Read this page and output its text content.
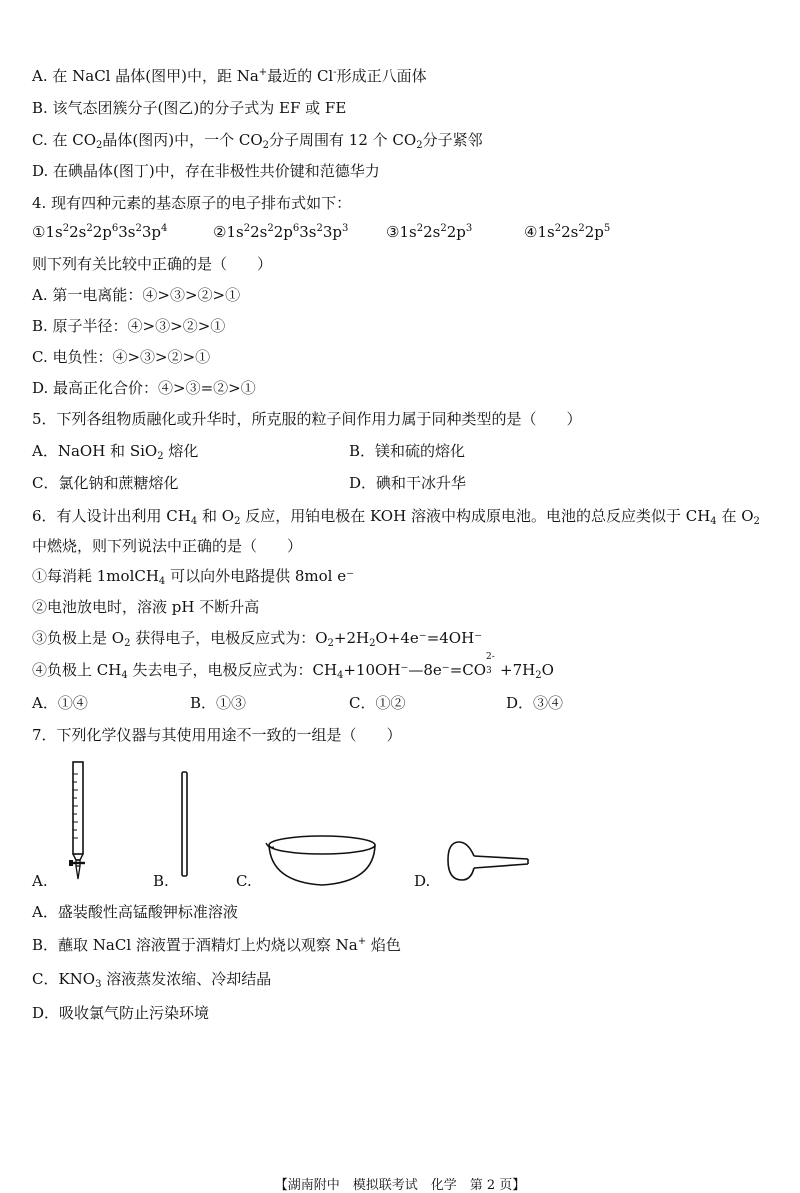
A. 在 NaCl 晶体(图甲)中，距 Na+最近的 Cl-形成正八面体
B. 该气态团簇分子(图乙)的分子式为 EF 或 FE
C. 在 $CO_2$晶体(图丙)中，一个 $CO_2$分子周围有 12 个 $CO_2$分子紧邻
D. 在碘晶体(图丁)中，存在非极性共价键和范德华力
4. 现有四种元素的基态原子的电子排布式如下：
$①1s^22s^22p^63s^23p^4$	$②1s^22s^22p^63s^23p^3$	$③1s^22s^22p^3$	$④1s^22s^22p^5$
则下列有关比较中正确的是（　　）
A. 第一电离能：④>③>②>①
B. 原子半径：④>③>②>①
C. 电负性：④>③>②>①
D. 最高正化合价：④>③=②>①
5．下列各组物质融化或升华时，所克服的粒子间作用力属于同种类型的是（　　）
A．NaOH 和 SiO$_2$ 熔化	B．镁和硫的熔化
C．氯化钠和蔗糖熔化	D．碘和干冰升华
6．有人设计出利用 $CH_4$ 和 $O_2$ 反应，用铂电极在 KOH 溶液中构成原电池。电池的总反应类似于 $CH_4$ 在 $O_2$
中燃烧，则下列说法中正确的是（　　）
①每消耗 1molCH$_4$ 可以向外电路提供 8mol e⁻
②电池放电时，溶液 pH 不断升高
③负极上是 $O_2$ 获得电子，电极反应式为：$O_2+2H_2O+4e^-=4OH^-$
④负极上 $CH_4$ 失去电子，电极反应式为：$CH_4+10OH^-—8e^-=CO$
2-
$3 +7H_2O$
A．①④	B．①③	C．①②	D．③④
7．下列化学仪器与其使用用途不一致的一组是（　　）
A.	B.	C.	D.
A．盛装酸性高锰酸钾标准溶液
B．蘸取 NaCl 溶液置于酒精灯上灼烧以观察 Na+ 焰色
C．$KNO_3$ 溶液蒸发浓缩、冷却结晶
D．吸收氯气防止污染环境
【湖南附中　模拟联考试　化学　第 2 页】
